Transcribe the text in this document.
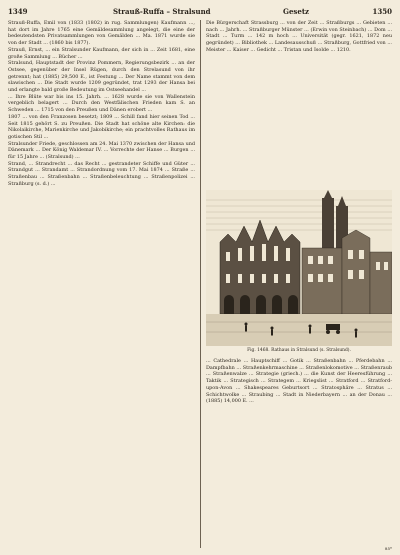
1349	Strauß-Ruffa – Stralsund	Gesetz	1350

Strauß-Ruffa, Emil von (1833 (1802) in rug. Sammlungen) Kaufmann ..., hat dort im Jahre 1765 eine Gemäldesammlung angelegt, die eine der bedeutendsten Privatsammlungen von Gemälden ... Ma. 1871 wurde sie von der Stadt ... (1860 bis 1877).

Strauß, Ernst, ... ein Stralsunder Kaufmann, der sich in ... Zeit 1681, eine große Sammlung ... Bücher ...

Stralsund, Hauptstadt der Provinz Pommern, Regierungsbezirk ... an der Ostsee, gegenüber der Insel Rügen, durch den Strelasund von ihr getrennt; hat (1885) 29,500 E., ist Festung ... Der Name stammt von dem slawischen ... Die Stadt wurde 1209 gegründet, trat 1293 der Hansa bei und erlangte bald große Bedeutung im Ostseehandel ...

... Ihre Blüte war bis ins 15. Jahrh. ... 1628 wurde sie von Wallenstein vergeblich belagert ... Durch den Westfälischen Frieden kam S. an Schweden ... 1715 von den Preußen und Dänen erobert ...

1807 ... von den Franzosen besetzt; 1809 ... Schill fand hier seinen Tod ... Seit 1815 gehört S. zu Preußen. Die Stadt hat schöne alte Kirchen: die Nikolaikirche, Marienkirche und Jakobikirche; ein prachtvolles Rathaus im gotischen Stil ...

Stralsunder Friede, geschlossen am 24. Mai 1370 zwischen der Hansa und Dänemark ... Der König Waldemar IV. ... Vorrechte der Hanse ... Burgen ... für 15 Jahre ... (Stralsund) ...

Strand, ... Strandrecht ... das Recht ... gestrandeter Schiffe und Güter ... Strandgut ... Strandamt ... Strandordnung vom 17. Mai 1874 ... Straße ... Straßenbau ... Straßenbahn ... Straßenbeleuchtung ... Straßenpolizei ... Straßburg (s. d.) ...

Die Bürgerschaft Strassburg ... von der Zeit ... Straßburgs ... Gebieten ... nach ... Jahrh. ... Straßburger Münster ... (Erwin von Steinbach) ... Dom ... Stadt ... Turm ... 142 m hoch ... Universität (gegr. 1621, 1872 neu gegründet) ... Bibliothek ... Landesausschuß ... Straßburg, Gottfried von ... Meister ... Kaiser ... Gedicht ... Tristan und Isolde ... 1210.

Fig. 1468. Rathaus in Stralsund (s. Stralsund).

... Cathedrale ... Hauptschiff ... Gotik ... Straßenbahn ... Pferdebahn ... Dampfbahn ... Straßenkehrmaschine ... Straßenlokomotive ... Straßenraub ... Straßenwalze ... Strategie (griech.) ... die Kunst der Heeresführung ... Taktik ... Strategisch ... Strategem ... Kriegslist ... Stratford ... Stratford-upon-Avon ... Shakespeares Geburtsort ... Stratosphäre ... Stratus ... Schichtwolke ... Straubing ... Stadt in Niederbayern ... an der Donau ... (1885) 14,000 E. ...

85*
